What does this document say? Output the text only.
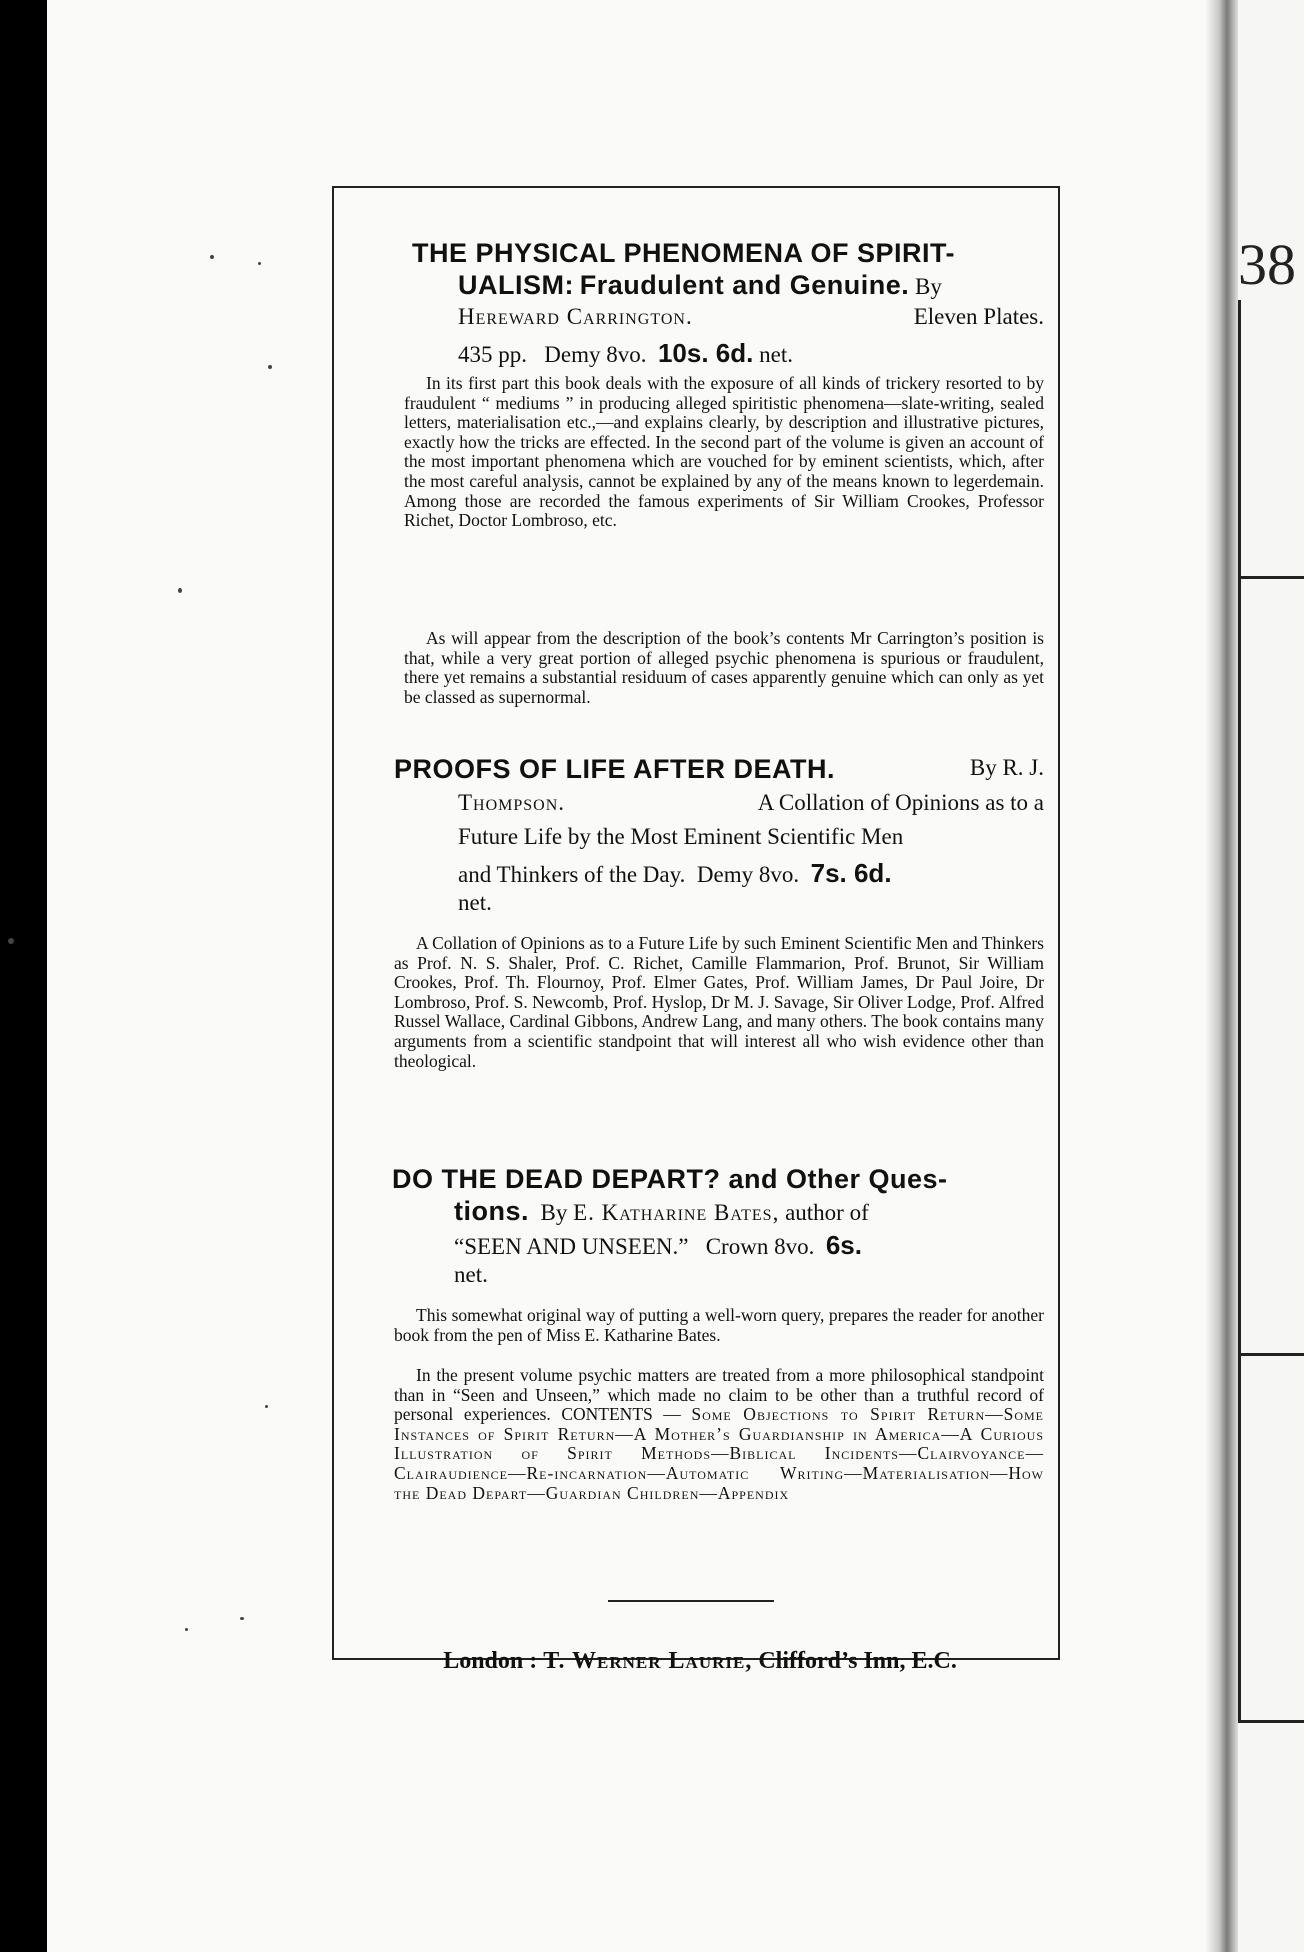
38

THE PHYSICAL PHENOMENA OF SPIRIT-

UALISM: Fraudulent and Genuine. By

Hereward Carrington.	Eleven Plates.

435 pp. Demy 8vo. 10s. 6d. net.

In its first part this book deals with the exposure of all kinds of trickery resorted to by fraudulent “ mediums ” in producing alleged spiritistic phenomena—slate-writing, sealed letters, materialisation etc.,—and explains clearly, by description and illustrative pictures, exactly how the tricks are effected. In the second part of the volume is given an account of the most important phenomena which are vouched for by eminent scientists, which, after the most careful analysis, cannot be explained by any of the means known to legerdemain. Among those are recorded the famous experiments of Sir William Crookes, Professor Richet, Doctor Lombroso, etc.

As will appear from the description of the book’s contents Mr Carrington’s position is that, while a very great portion of alleged psychic phenomena is spurious or fraudulent, there yet remains a substantial residuum of cases apparently genuine which can only as yet be classed as supernormal.

PROOFS OF LIFE AFTER DEATH.	By R. J.

Thompson.	A Collation of Opinions as to a

Future Life by the Most Eminent Scientific Men

and Thinkers of the Day. Demy 8vo. 7s. 6d.

net.

A Collation of Opinions as to a Future Life by such Eminent Scientific Men and Thinkers as Prof. N. S. Shaler, Prof. C. Richet, Camille Flammarion, Prof. Brunot, Sir William Crookes, Prof. Th. Flournoy, Prof. Elmer Gates, Prof. William James, Dr Paul Joire, Dr Lombroso, Prof. S. Newcomb, Prof. Hyslop, Dr M. J. Savage, Sir Oliver Lodge, Prof. Alfred Russel Wallace, Cardinal Gibbons, Andrew Lang, and many others. The book contains many arguments from a scientific standpoint that will interest all who wish evidence other than theological.

DO THE DEAD DEPART? and Other Ques-

tions. By E. Katharine Bates, author of

“SEEN AND UNSEEN.” Crown 8vo. 6s.

net.

This somewhat original way of putting a well-worn query, prepares the reader for another book from the pen of Miss E. Katharine Bates.

In the present volume psychic matters are treated from a more philosophical standpoint than in “Seen and Unseen,” which made no claim to be other than a truthful record of personal experiences. CONTENTS — Some Objections to Spirit Return—Some Instances of Spirit Return—A Mother’s Guardianship in America—A Curious Illustration of Spirit Methods—Biblical Incidents—Clairvoyance—Clairaudience—Re-incarnation—Automatic Writing—Materialisation—How the Dead Depart—Guardian Children—Appendix

London : T. Werner Laurie, Clifford’s Inn, E.C.
